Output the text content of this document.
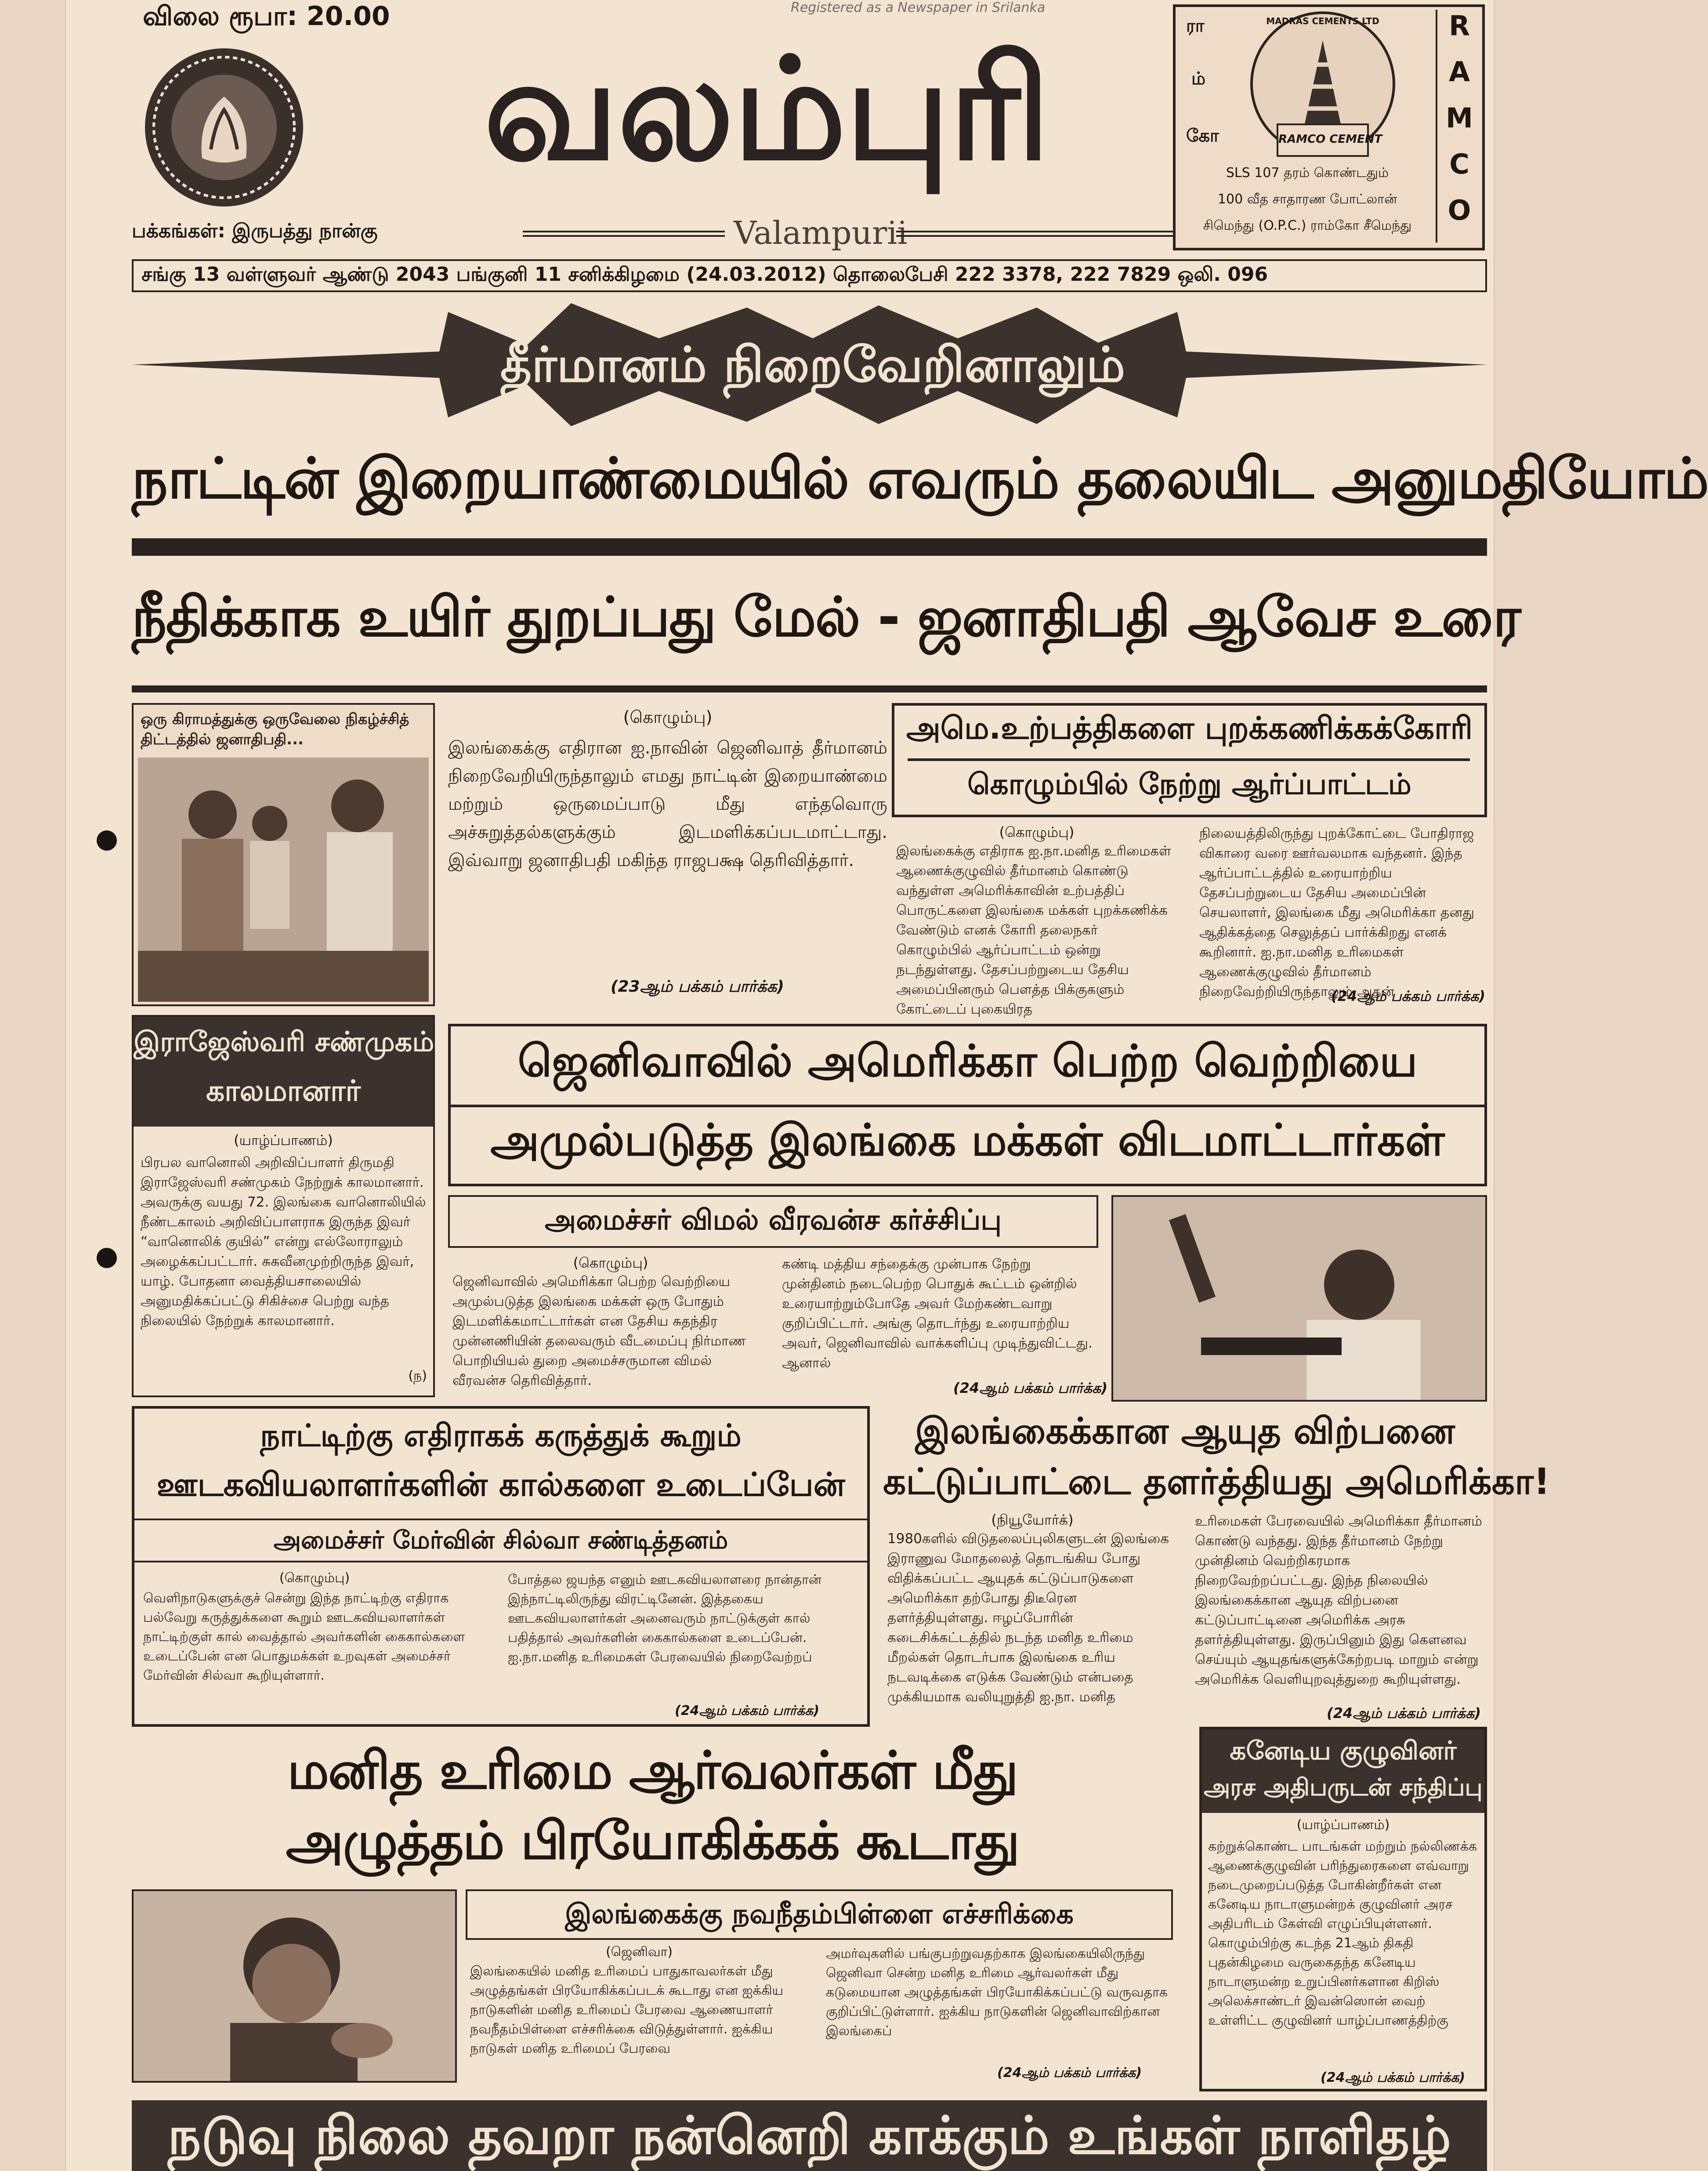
விலை ரூபா: 20.00	Registered as a Newspaper in Srilanka
வலம்புரி
பக்கங்கள்: இருபத்து நான்கு	Valampurii
R
A
M
C
O
ரா
ம்
கோ
MADRAS CEMENTS LTD
RAMCO CEMENT
SLS 107 தரம் கொண்டதும்
100 வீத சாதாரண போட்லான்
சிமெந்து (O.P.C.) ராம்கோ சீமெந்து
சங்கு 13 வள்ளுவர் ஆண்டு 2043 பங்குனி 11 சனிக்கிழமை (24.03.2012) தொலைபேசி 222 3378, 222 7829 ஒலி. 096
தீர்மானம் நிறைவேறினாலும்
நாட்டின் இறையாண்மையில் எவரும் தலையிட அனுமதியோம்
நீதிக்காக உயிர் துறப்பது மேல் - ஜனாதிபதி ஆவேச உரை
ஒரு கிராமத்துக்கு ஒருவேலை நிகழ்ச்சித் திட்டத்தில் ஜனாதிபதி...
(கொழும்பு)
இலங்கைக்கு எதிரான ஐ.நாவின் ஜெனிவாத் தீர்மானம் நிறைவேறியிருந்தாலும் எமது நாட்டின் இறையாண்மை மற்றும் ஒருமைப்பாடு மீது எந்தவொரு அச்சுறுத்தல்களுக்கும் இடமளிக்கப்படமாட்டாது. இவ்வாறு ஜனாதிபதி மகிந்த ராஜபக்ஷ தெரிவித்தார்.
(23ஆம் பக்கம் பார்க்க)
அமெ.உற்பத்திகளை புறக்கணிக்கக்கோரி
கொழும்பில் நேற்று ஆர்ப்பாட்டம்
(கொழும்பு)
இலங்கைக்கு எதிராக ஐ.நா.மனித உரிமைகள் ஆணைக்குழுவில் தீர்மானம் கொண்டு வந்துள்ள அமெரிக்காவின் உற்பத்திப் பொருட்களை இலங்கை மக்கள் புறக்கணிக்க வேண்டும் எனக் கோரி தலைநகர் கொழும்பில் ஆர்ப்பாட்டம் ஒன்று நடந்துள்ளது. தேசப்பற்றுடைய தேசிய அமைப்பினரும் பௌத்த பிக்குகளும் கோட்டைப் புகையிரத
நிலையத்திலிருந்து புறக்கோட்டை போதிராஜ விகாரை வரை ஊர்வலமாக வந்தனர். இந்த ஆர்ப்பாட்டத்தில் உரையாற்றிய தேசப்பற்றுடைய தேசிய அமைப்பின் செயலாளர், இலங்கை மீது அமெரிக்கா தனது ஆதிக்கத்தை செலுத்தப் பார்க்கிறது எனக் கூறினார். ஐ.நா.மனித உரிமைகள் ஆணைக்குழுவில் தீர்மானம் நிறைவேற்றியிருந்தாலும் அதன்
(24ஆம் பக்கம் பார்க்க)
இராஜேஸ்வரி சண்முகம்
காலமானார்
(யாழ்ப்பாணம்)
பிரபல வானொலி அறிவிப்பாளர் திருமதி இராஜேஸ்வரி சண்முகம் நேற்றுக் காலமானார். அவருக்கு வயது 72. இலங்கை வானொலியில் நீண்டகாலம் அறிவிப்பாளராக இருந்த இவர் “வானொலிக் குயில்” என்று எல்லோராலும் அழைக்கப்பட்டார். சுகவீனமுற்றிருந்த இவர், யாழ். போதனா வைத்தியசாலையில் அனுமதிக்கப்பட்டு சிகிச்சை பெற்று வந்த நிலையில் நேற்றுக் காலமானார்.
(ந)
ஜெனிவாவில் அமெரிக்கா பெற்ற வெற்றியை
அமுல்படுத்த இலங்கை மக்கள் விடமாட்டார்கள்
அமைச்சர் விமல் வீரவன்ச கர்ச்சிப்பு
(கொழும்பு)
ஜெனிவாவில் அமெரிக்கா பெற்ற வெற்றியை அமுல்படுத்த இலங்கை மக்கள் ஒரு போதும் இடமளிக்கமாட்டார்கள் என தேசிய சுதந்திர முன்னணியின் தலைவரும் வீடமைப்பு நிர்மாண பொறியியல் துறை அமைச்சருமான விமல் வீரவன்ச தெரிவித்தார்.
கண்டி மத்திய சந்தைக்கு முன்பாக நேற்று முன்தினம் நடைபெற்ற பொதுக் கூட்டம் ஒன்றில் உரையாற்றும்போதே அவர் மேற்கண்டவாறு குறிப்பிட்டார். அங்கு தொடர்ந்து உரையாற்றிய அவர், ஜெனிவாவில் வாக்களிப்பு முடிந்துவிட்டது. ஆனால்
(24ஆம் பக்கம் பார்க்க)
நாட்டிற்கு எதிராகக் கருத்துக் கூறும்
ஊடகவியலாளர்களின் கால்களை உடைப்பேன்
அமைச்சர் மேர்வின் சில்வா சண்டித்தனம்
(கொழும்பு)
வெளிநாடுகளுக்குச் சென்று இந்த நாட்டிற்கு எதிராக பல்வேறு கருத்துக்களை கூறும் ஊடகவியலாளர்கள் நாட்டிற்குள் கால் வைத்தால் அவர்களின் கைகால்களை உடைப்பேன் என பொதுமக்கள் உறவுகள் அமைச்சர் மேர்வின் சில்வா கூறியுள்ளார்.
போத்தல ஜயந்த எனும் ஊடகவியலாளரை நான்தான் இந்நாட்டிலிருந்து விரட்டினேன். இத்தகைய ஊடகவியலாளர்கள் அனைவரும் நாட்டுக்குள் கால் பதித்தால் அவர்களின் கைகால்களை உடைப்பேன். ஐ.நா.மனித உரிமைகள் பேரவையில் நிறைவேற்றப்
(24ஆம் பக்கம் பார்க்க)
இலங்கைக்கான ஆயுத விற்பனை
கட்டுப்பாட்டை தளர்த்தியது அமெரிக்கா!
(நியூயோர்க்)
1980களில் விடுதலைப்புலிகளுடன் இலங்கை இராணுவ மோதலைத் தொடங்கிய போது விதிக்கப்பட்ட ஆயுதக் கட்டுப்பாடுகளை அமெரிக்கா தற்போது திடீரென தளர்த்தியுள்ளது. ஈழப்போரின் கடைசிக்கட்டத்தில் நடந்த மனித உரிமை மீறல்கள் தொடர்பாக இலங்கை உரிய நடவடிக்கை எடுக்க வேண்டும் என்பதை முக்கியமாக வலியுறுத்தி ஐ.நா. மனித
உரிமைகள் பேரவையில் அமெரிக்கா தீர்மானம் கொண்டு வந்தது. இந்த தீர்மானம் நேற்று முன்தினம் வெற்றிகரமாக நிறைவேற்றப்பட்டது. இந்த நிலையில் இலங்கைக்கான ஆயுத விற்பனை கட்டுப்பாட்டினை அமெரிக்க அரசு தளர்த்தியுள்ளது. இருப்பினும் இது கௌனவ செய்யும் ஆயுதங்களுக்கேற்றபடி மாறும் என்று அமெரிக்க வெளியுறவுத்துறை கூறியுள்ளது.
(24ஆம் பக்கம் பார்க்க)
மனித உரிமை ஆர்வலர்கள் மீது
அழுத்தம் பிரயோகிக்கக் கூடாது
இலங்கைக்கு நவநீதம்பிள்ளை எச்சரிக்கை
(ஜெனிவா)
இலங்கையில் மனித உரிமைப் பாதுகாவலர்கள் மீது அழுத்தங்கள் பிரயோகிக்கப்படக் கூடாது என ஐக்கிய நாடுகளின் மனித உரிமைப் பேரவை ஆணையாளர் நவநீதம்பிள்ளை எச்சரிக்கை விடுத்துள்ளார். ஐக்கிய நாடுகள் மனித உரிமைப் பேரவை
அமர்வுகளில் பங்குபற்றுவதற்காக இலங்கையிலிருந்து ஜெனிவா சென்ற மனித உரிமை ஆர்வலர்கள் மீது கடுமையான அழுத்தங்கள் பிரயோகிக்கப்பட்டு வருவதாக குறிப்பிட்டுள்ளார். ஐக்கிய நாடுகளின் ஜெனிவாவிற்கான இலங்கைப்
(24ஆம் பக்கம் பார்க்க)
கனேடிய குழுவினர்
அரச அதிபருடன் சந்திப்பு
(யாழ்ப்பாணம்)
கற்றுக்கொண்ட பாடங்கள் மற்றும் நல்லிணக்க ஆணைக்குழுவின் பரிந்துரைகளை எவ்வாறு நடைமுறைப்படுத்த போகின்றீர்கள் என கனேடிய நாடாளுமன்றக் குழுவினர் அரச அதிபரிடம் கேள்வி எழுப்பியுள்ளனர். கொழும்பிற்கு கடந்த 21ஆம் திகதி புதன்கிழமை வருகைதந்த கனேடிய நாடாளுமன்ற உறுப்பினர்களான கிறிஸ் அலெக்சாண்டர் இவன்ஸொன் வைற் உள்ளிட்ட குழுவினர் யாழ்ப்பாணத்திற்கு
(24ஆம் பக்கம் பார்க்க)
நடுவு நிலை தவறா நன்னெறி காக்கும் உங்கள் நாளிதழ்
